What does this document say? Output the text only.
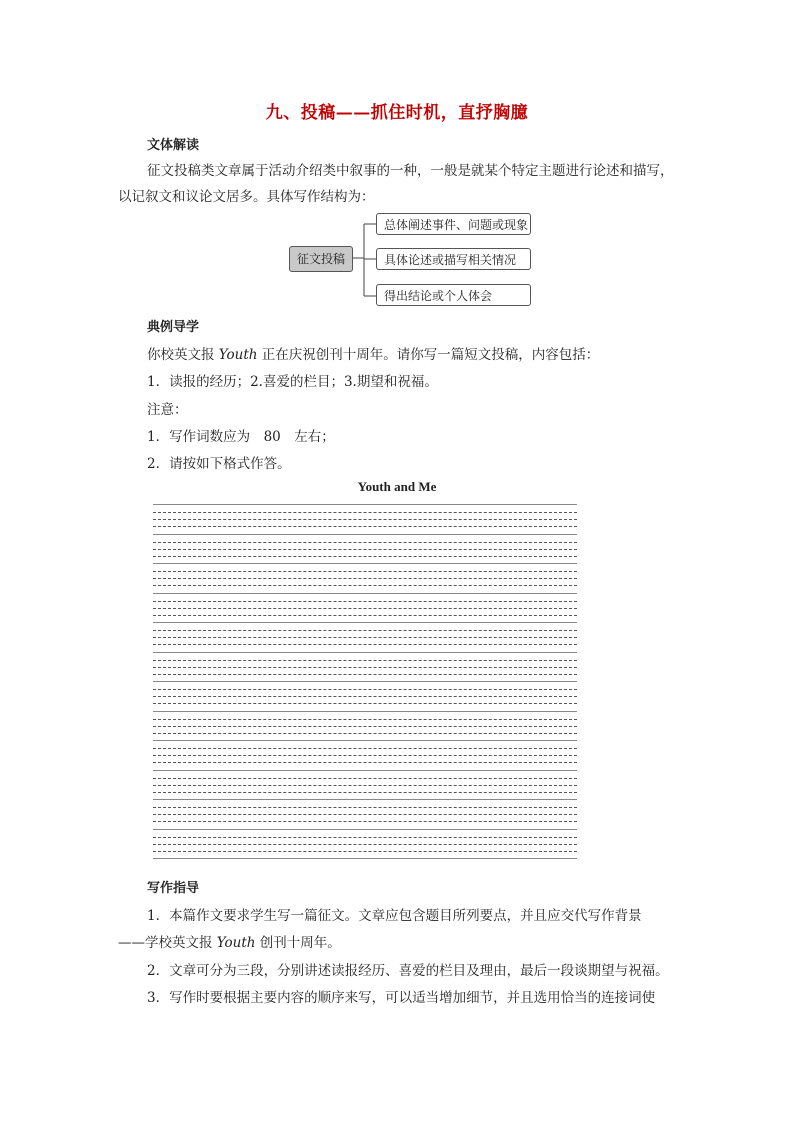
九、投稿——抓住时机，直抒胸臆
文体解读
征文投稿类文章属于活动介绍类中叙事的一种，一般是就某个特定主题进行论述和描写，以记叙文和议论文居多。具体写作结构为：
征文投稿
总体阐述事件、问题或现象
具体论述或描写相关情况
得出结论或个人体会
典例导学
你校英文报 Youth 正在庆祝创刊十周年。请你写一篇短文投稿，内容包括：
1．读报的经历；2.喜爱的栏目；3.期望和祝福。
注意：
1．写作词数应为　80　左右；
2．请按如下格式作答。
Youth and Me
写作指导
1．本篇作文要求学生写一篇征文。文章应包含题目所列要点，并且应交代写作背景
——学校英文报 Youth 创刊十周年。
2．文章可分为三段，分别讲述读报经历、喜爱的栏目及理由，最后一段谈期望与祝福。
3．写作时要根据主要内容的顺序来写，可以适当增加细节，并且选用恰当的连接词使
